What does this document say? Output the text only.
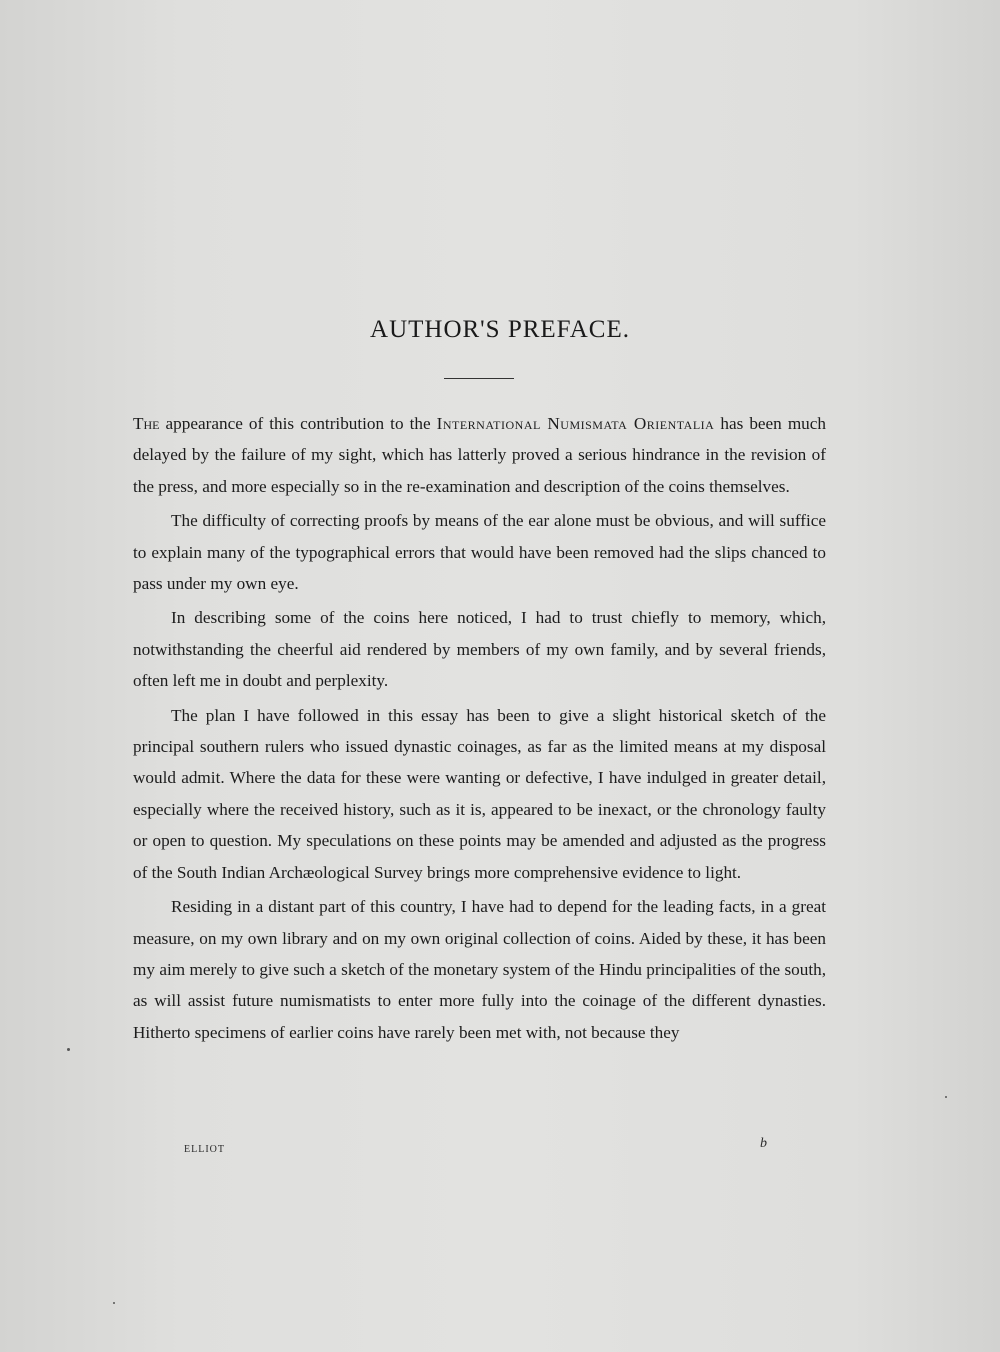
AUTHOR'S PREFACE.

The appearance of this contribution to the International Numismata Orientalia has been much delayed by the failure of my sight, which has latterly proved a serious hindrance in the revision of the press, and more especially so in the re-examination and description of the coins themselves.

The difficulty of correcting proofs by means of the ear alone must be obvious, and will suffice to explain many of the typographical errors that would have been removed had the slips chanced to pass under my own eye.

In describing some of the coins here noticed, I had to trust chiefly to memory, which, notwithstanding the cheerful aid rendered by members of my own family, and by several friends, often left me in doubt and perplexity.

The plan I have followed in this essay has been to give a slight historical sketch of the principal southern rulers who issued dynastic coinages, as far as the limited means at my disposal would admit. Where the data for these were wanting or defective, I have indulged in greater detail, especially where the received history, such as it is, appeared to be inexact, or the chronology faulty or open to question. My speculations on these points may be amended and adjusted as the progress of the South Indian Archæological Survey brings more comprehensive evidence to light.

Residing in a distant part of this country, I have had to depend for the leading facts, in a great measure, on my own library and on my own original collection of coins. Aided by these, it has been my aim merely to give such a sketch of the monetary system of the Hindu principalities of the south, as will assist future numismatists to enter more fully into the coinage of the different dynasties. Hitherto specimens of earlier coins have rarely been met with, not because they

ELLIOT	b
